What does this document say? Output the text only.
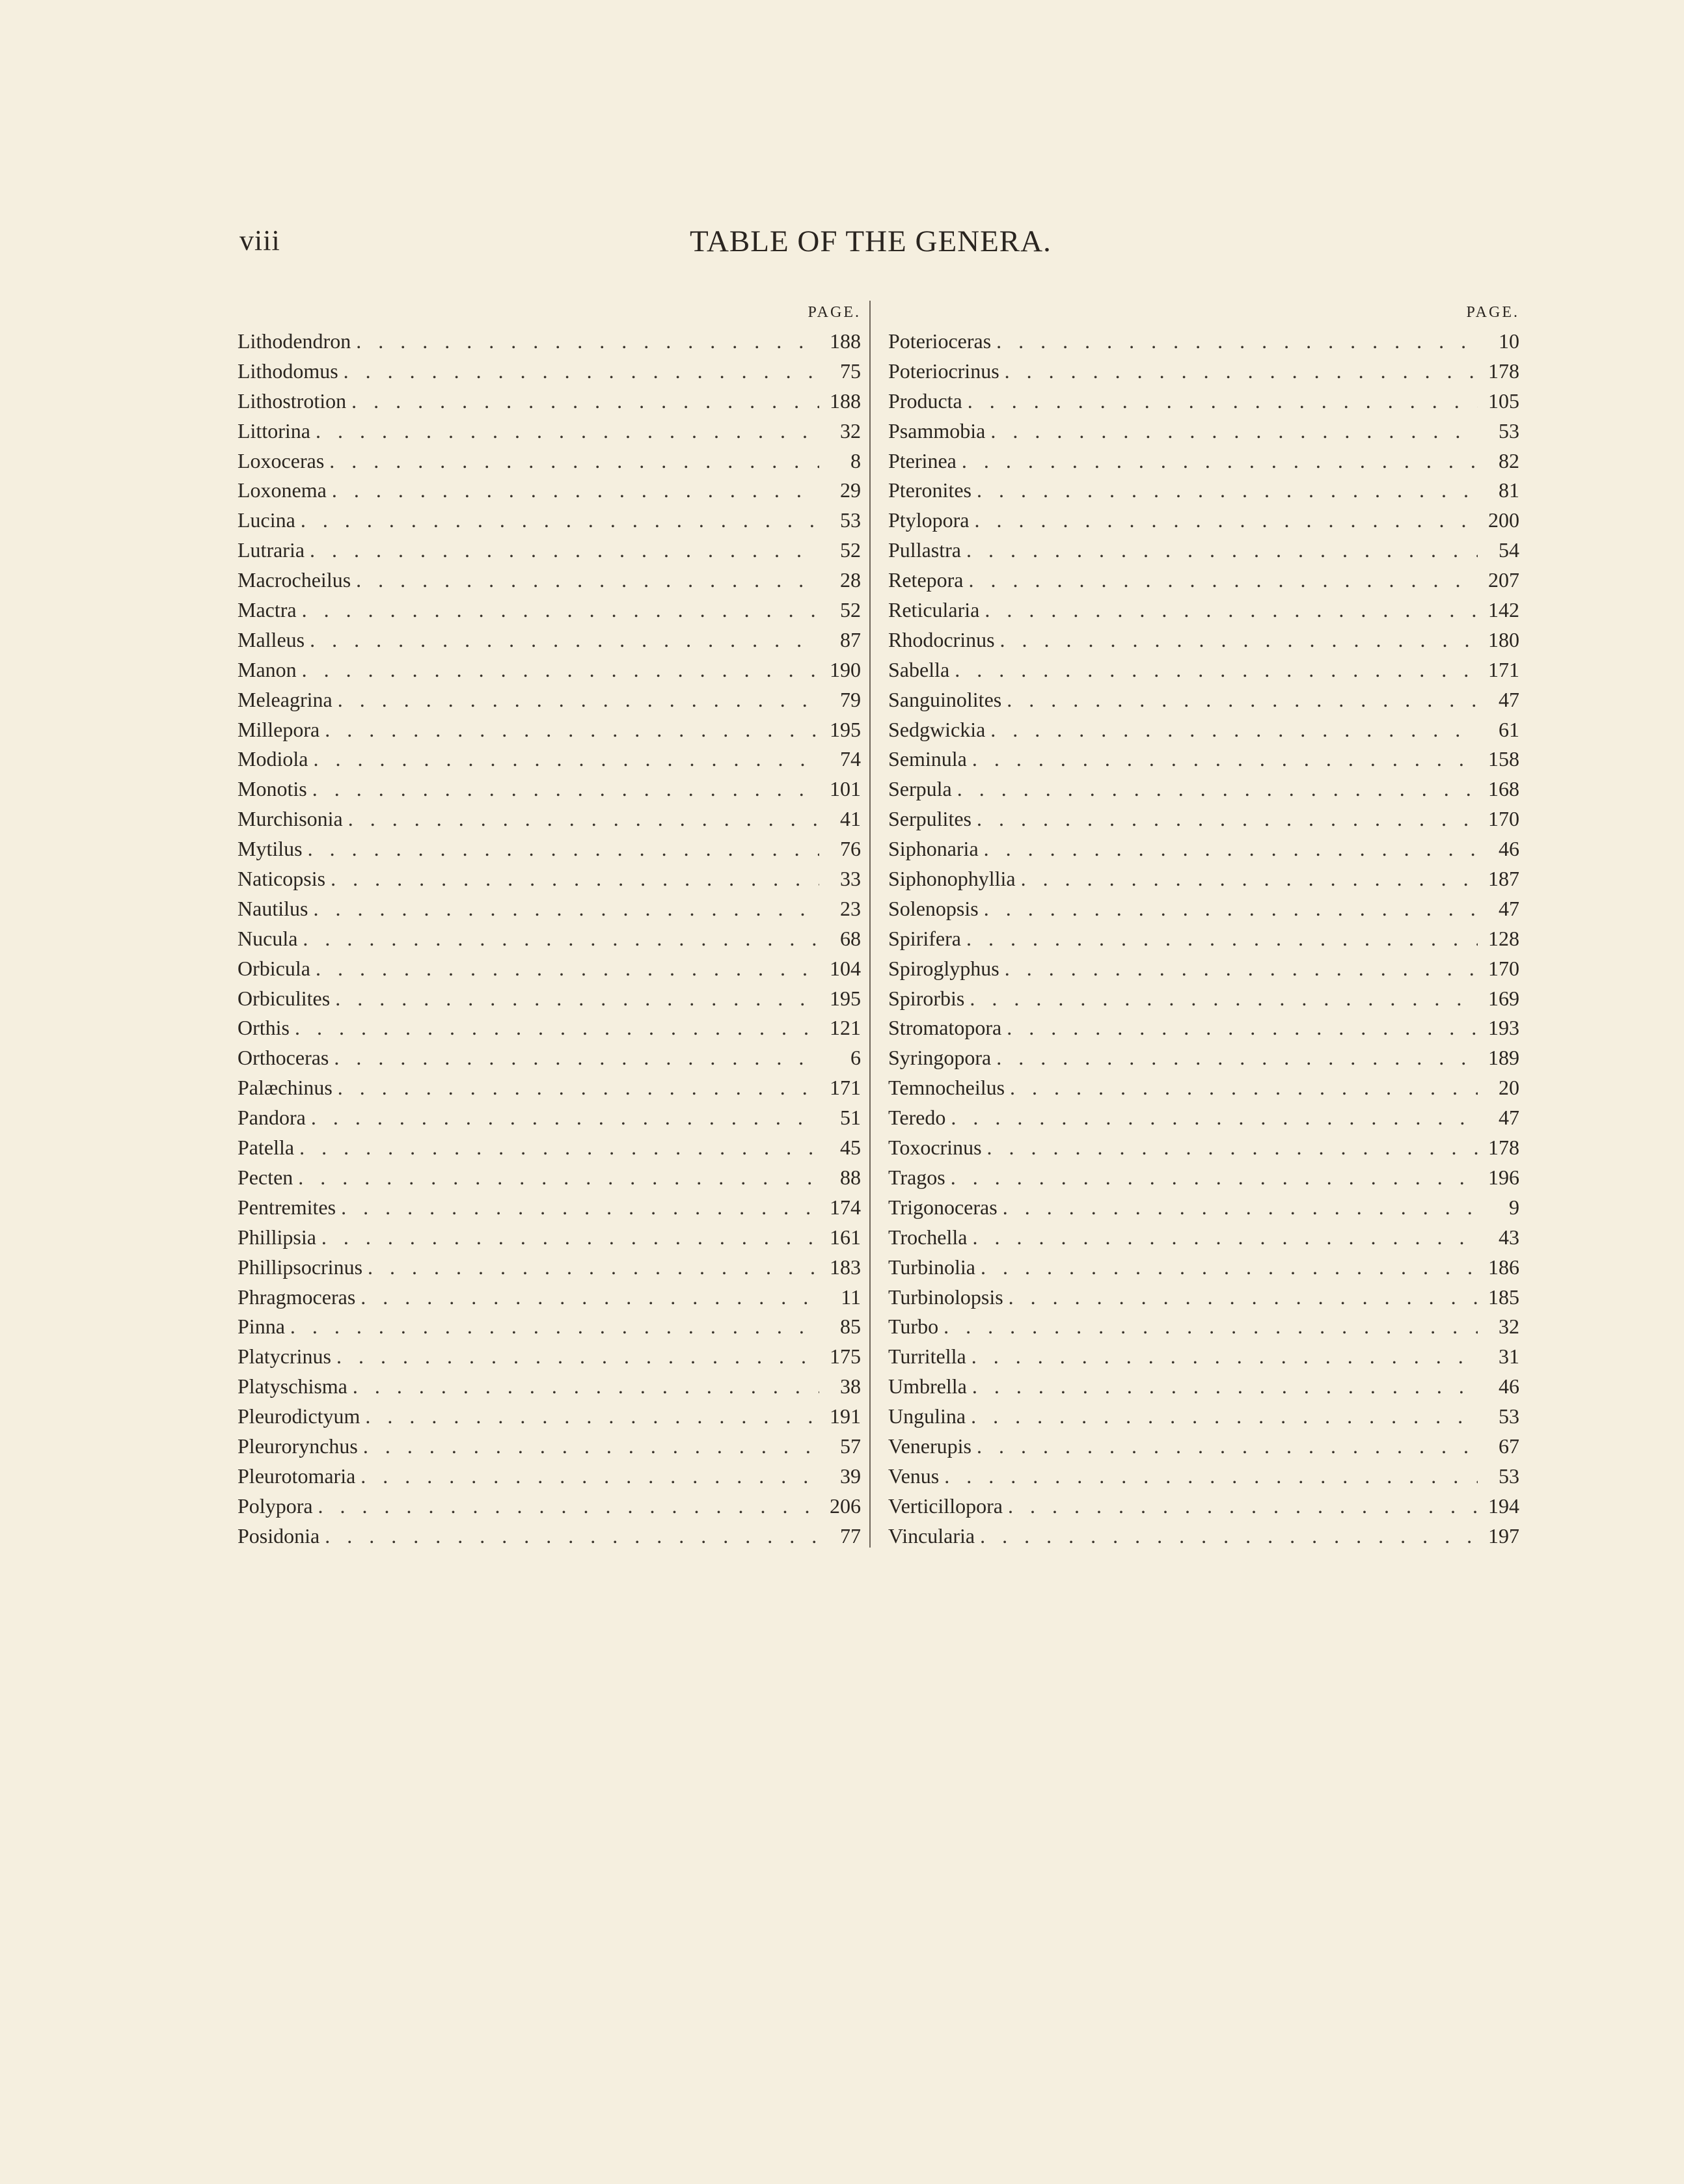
viii	TABLE OF THE GENERA.
PAGE.
Lithodendron . . .	188
Lithodomus . . .	75
Lithostrotion . . .	188
Littorina . . .	32
Loxoceras . . .	8
Loxonema . . .	29
Lucina . . .	53
Lutraria . . .	52
Macrocheilus . . .	28
Mactra . . .	52
Malleus . . .	87
Manon . . .	190
Meleagrina . . .	79
Millepora . . .	195
Modiola . . .	74
Monotis . . .	101
Murchisonia . . .	41
Mytilus . . .	76
Naticopsis . . .	33
Nautilus . . .	23
Nucula . . .	68
Orbicula . . .	104
Orbiculites . . .	195
Orthis . . .	121
Orthoceras . . .	6
Palæchinus . . .	171
Pandora . . .	51
Patella . . .	45
Pecten . . .	88
Pentremites . . .	174
Phillipsia . . .	161
Phillipsocrinus . . .	183
Phragmoceras . . .	11
Pinna . . .	85
Platycrinus . . .	175
Platyschisma . . .	38
Pleurodictyum . . .	191
Pleurorynchus . . .	57
Pleurotomaria . . .	39
Polypora . . .	206
Posidonia . . .	77
PAGE.
Poterioceras . . .	10
Poteriocrinus . . .	178
Producta . . .	105
Psammobia . . .	53
Pterinea . . .	82
Pteronites . . .	81
Ptylopora . . .	200
Pullastra . . .	54
Retepora . . .	207
Reticularia . . .	142
Rhodocrinus . . .	180
Sabella . . .	171
Sanguinolites . . .	47
Sedgwickia . . .	61
Seminula . . .	158
Serpula . . .	168
Serpulites . . .	170
Siphonaria . . .	46
Siphonophyllia . . .	187
Solenopsis . . .	47
Spirifera . . .	128
Spiroglyphus . . .	170
Spirorbis . . .	169
Stromatopora . . .	193
Syringopora . . .	189
Temnocheilus . . .	20
Teredo . . .	47
Toxocrinus . . .	178
Tragos . . .	196
Trigonoceras . . .	9
Trochella . . .	43
Turbinolia . . .	186
Turbinolopsis . . .	185
Turbo . . .	32
Turritella . . .	31
Umbrella . . .	46
Ungulina . . .	53
Venerupis . . .	67
Venus . . .	53
Verticillopora . . .	194
Vincularia . . .	197
